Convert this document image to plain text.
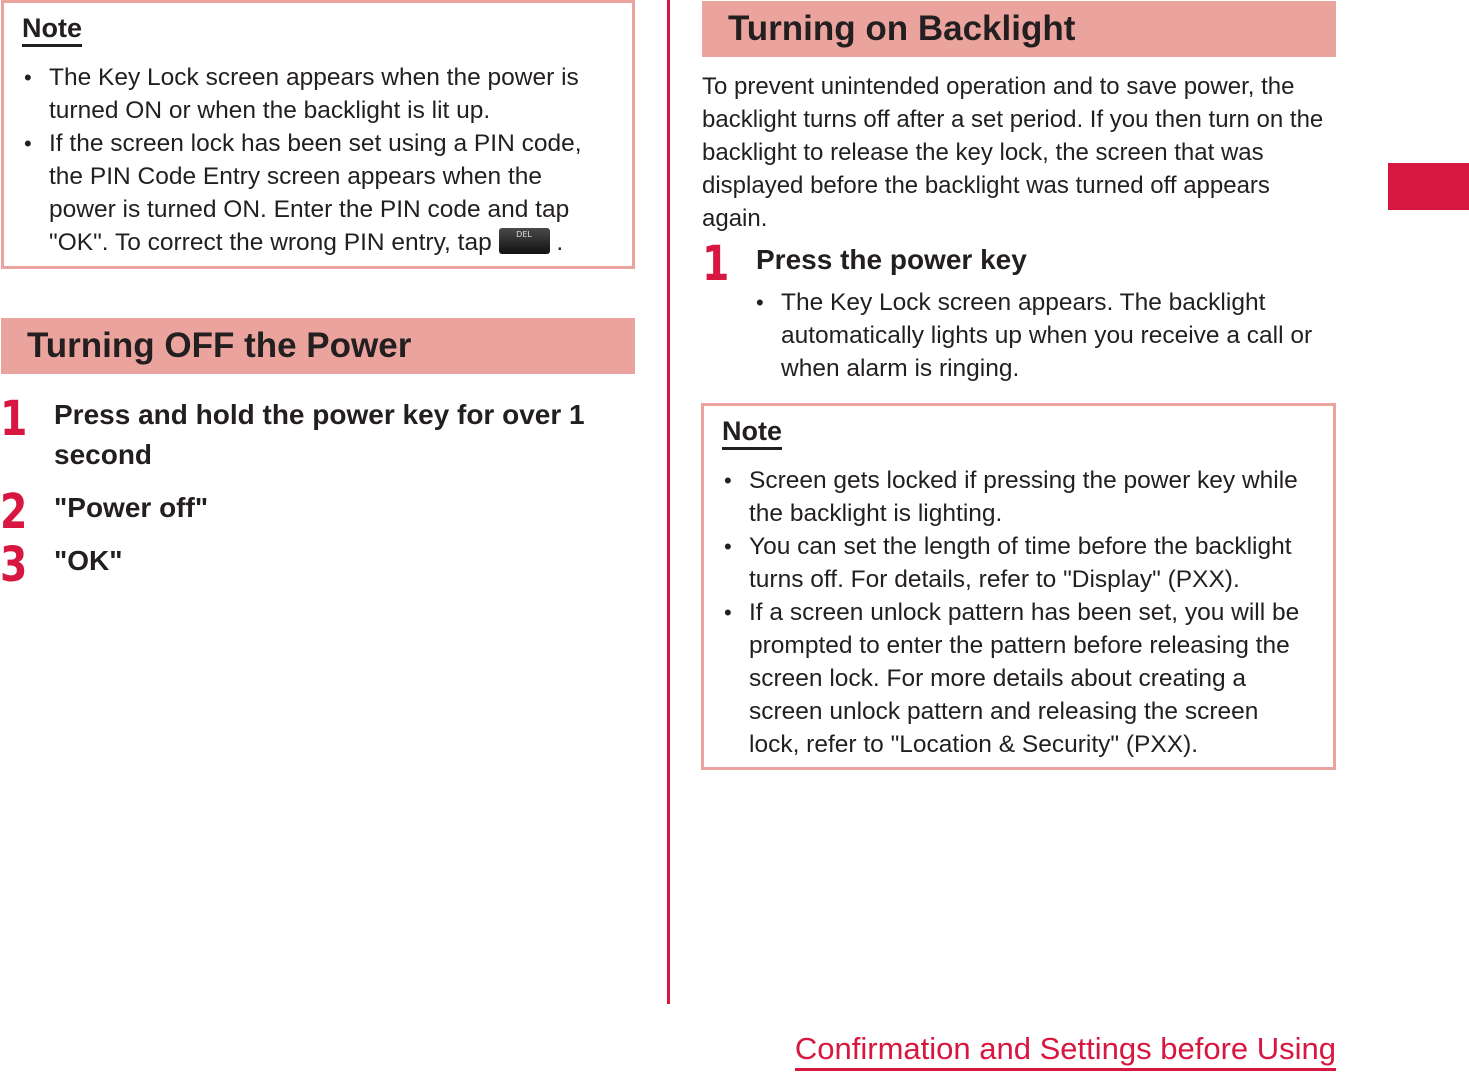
Note
• The Key Lock screen appears when the power is turned ON or when the backlight is lit up.
• If the screen lock has been set using a PIN code, the PIN Code Entry screen appears when the power is turned ON. Enter the PIN code and tap "OK". To correct the wrong PIN entry, tap	DEL .
Turning OFF the Power
1 Press and hold the power key for over 1 second
2 "Power off"
3 "OK"
Turning on Backlight
To prevent unintended operation and to save power, the backlight turns off after a set period. If you then turn on the backlight to release the key lock, the screen that was displayed before the backlight was turned off appears again.
1 Press the power key
• The Key Lock screen appears. The backlight automatically lights up when you receive a call or when alarm is ringing.
Note
• Screen gets locked if pressing the power key while the backlight is lighting.
• You can set the length of time before the backlight turns off. For details, refer to "Display" (PXX).
• If a screen unlock pattern has been set, you will be prompted to enter the pattern before releasing the screen lock. For more details about creating a screen unlock pattern and releasing the screen lock, refer to "Location & Security" (PXX).
Confirmation and Settings before Using
